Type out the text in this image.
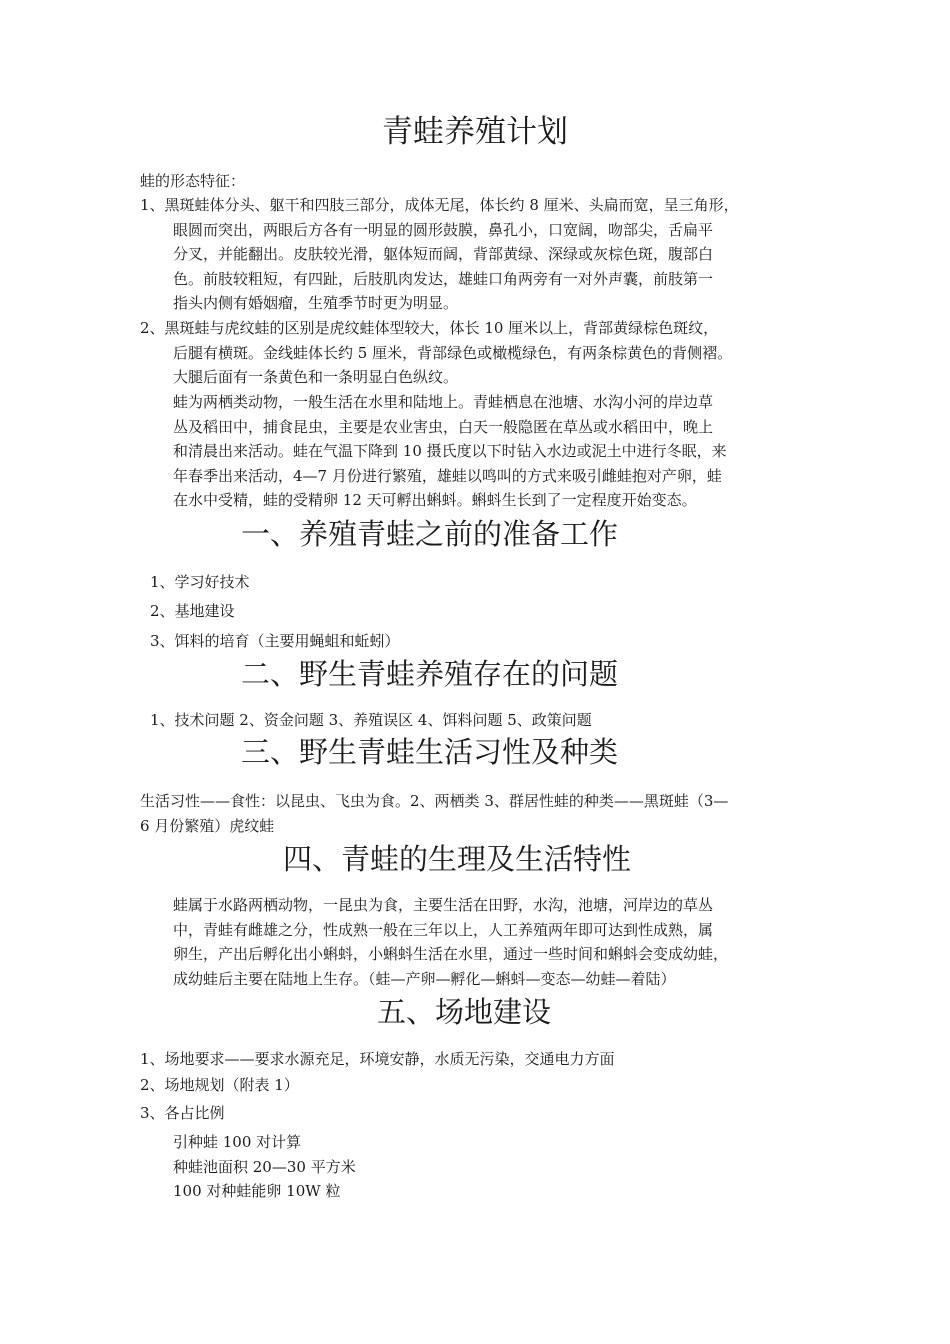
青蛙养殖计划
蛙的形态特征：
1、黑斑蛙体分头、躯干和四肢三部分，成体无尾，体长约 8 厘米、头扁而宽，呈三角形，
眼圆而突出，两眼后方各有一明显的圆形鼓膜，鼻孔小，口宽阔，吻部尖，舌扁平
分叉，并能翻出。皮肤较光滑，躯体短而阔，背部黄绿、深绿或灰棕色斑，腹部白
色。前肢较粗短，有四趾，后肢肌肉发达，雄蛙口角两旁有一对外声囊，前肢第一
指头内侧有婚姻瘤，生殖季节时更为明显。
2、黑斑蛙与虎纹蛙的区别是虎纹蛙体型较大，体长 10 厘米以上，背部黄绿棕色斑纹，
后腿有横斑。金线蛙体长约 5 厘米，背部绿色或橄榄绿色，有两条棕黄色的背侧褶。
大腿后面有一条黄色和一条明显白色纵纹。
蛙为两栖类动物，一般生活在水里和陆地上。青蛙栖息在池塘、水沟小河的岸边草
丛及稻田中，捕食昆虫，主要是农业害虫，白天一般隐匿在草丛或水稻田中，晚上
和清晨出来活动。蛙在气温下降到 10 摄氏度以下时钻入水边或泥土中进行冬眠，来
年春季出来活动，4—7 月份进行繁殖，雄蛙以鸣叫的方式来吸引雌蛙抱对产卵，蛙
在水中受精，蛙的受精卵 12 天可孵出蝌蚪。蝌蚪生长到了一定程度开始变态。
一、养殖青蛙之前的准备工作
1、学习好技术
2、基地建设
3、饵料的培育（主要用蝇蛆和蚯蚓）
二、野生青蛙养殖存在的问题
1、技术问题 2、资金问题 3、养殖误区 4、饵料问题 5、政策问题
三、野生青蛙生活习性及种类
生活习性——食性：以昆虫、飞虫为食。2、两栖类 3、群居性蛙的种类——黑斑蛙（3—
6 月份繁殖）虎纹蛙
四、青蛙的生理及生活特性
蛙属于水路两栖动物，一昆虫为食，主要生活在田野，水沟，池塘，河岸边的草丛
中，青蛙有雌雄之分，性成熟一般在三年以上，人工养殖两年即可达到性成熟，属
卵生，产出后孵化出小蝌蚪，小蝌蚪生活在水里，通过一些时间和蝌蚪会变成幼蛙，
成幼蛙后主要在陆地上生存。（蛙—产卵—孵化—蝌蚪—变态—幼蛙—着陆）
五、场地建设
1、场地要求——要求水源充足，环境安静，水质无污染，交通电力方面
2、场地规划（附表 1）
3、各占比例
引种蛙 100 对计算
种蛙池面积 20—30 平方米
100 对种蛙能卵 10W 粒
